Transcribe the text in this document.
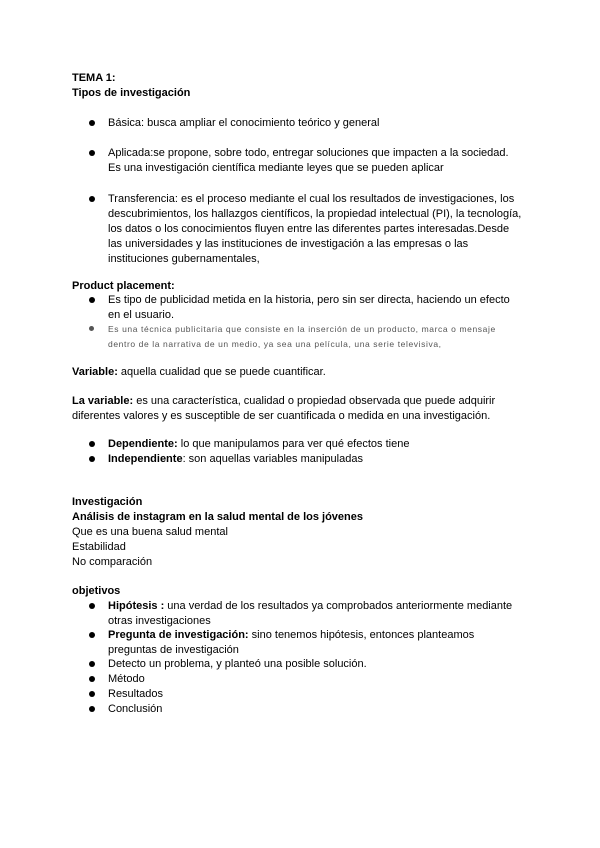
TEMA 1:
Tipos de investigación
Básica: busca ampliar el conocimiento teórico y general
Aplicada:se propone, sobre todo, entregar soluciones que impacten a la sociedad.
Es una investigación científica mediante leyes que se pueden aplicar
Transferencia: es el proceso mediante el cual los resultados de investigaciones, los
descubrimientos, los hallazgos científicos, la propiedad intelectual (PI), la tecnología,
los datos o los conocimientos fluyen entre las diferentes partes interesadas.Desde
las universidades y las instituciones de investigación a las empresas o las
instituciones gubernamentales,
Product placement:
Es tipo de publicidad metida en la historia, pero sin ser directa, haciendo un efecto
en el usuario.
Es una técnica publicitaria que consiste en la inserción de un producto, marca o mensaje
dentro de la narrativa de un medio, ya sea una película, una serie televisiva,
Variable: aquella cualidad que se puede cuantificar.
La variable: es una característica, cualidad o propiedad observada que puede adquirir
diferentes valores y es susceptible de ser cuantificada o medida en una investigación.
Dependiente: lo que manipulamos para ver qué efectos tiene
Independiente: son aquellas variables manipuladas
Investigación
Análisis de instagram en la salud mental de los jóvenes
Que es una buena salud mental
Estabilidad
No comparación
objetivos
Hipótesis : una verdad de los resultados ya comprobados anteriormente mediante
otras investigaciones
Pregunta de investigación: sino tenemos hipótesis, entonces planteamos
preguntas de investigación
Detecto un problema, y planteó una posible solución.
Método
Resultados
Conclusión
